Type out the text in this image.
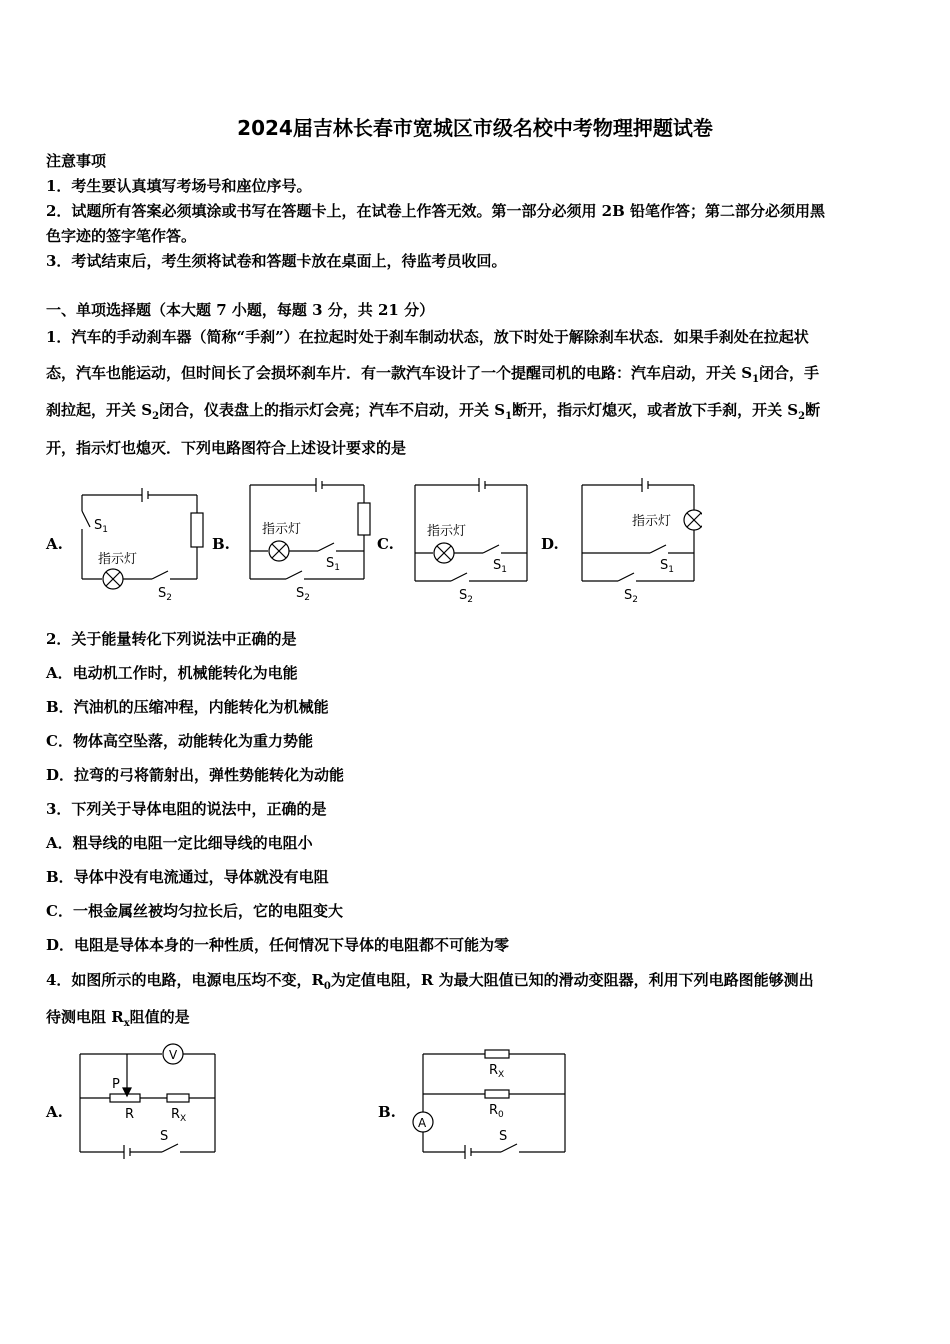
2024届吉林长春市宽城区市级名校中考物理押题试卷
注意事项
1．考生要认真填写考场号和座位序号。
2．试题所有答案必须填涂或书写在答题卡上，在试卷上作答无效。第一部分必须用 2B 铅笔作答；第二部分必须用黑
色字迹的签字笔作答。
3．考试结束后，考生须将试卷和答题卡放在桌面上，待监考员收回。
一、单项选择题（本大题 7 小题，每题 3 分，共 21 分）
1．汽车的手动刹车器（简称“手刹”）在拉起时处于刹车制动状态，放下时处于解除刹车状态．如果手刹处在拉起状
态，汽车也能运动，但时间长了会损坏刹车片．有一款汽车设计了一个提醒司机的电路：汽车启动，开关 $S_1$闭合，手
刹拉起，开关 $S_2$闭合，仪表盘上的指示灯会亮；汽车不启动，开关 $S_1$断开，指示灯熄灭，或者放下手刹，开关 $S_2$断
开，指示灯也熄灭．下列电路图符合上述设计要求的是
A.	B.	C.	D.
$S_1$
指示灯
$S_2$
指示灯
$S_1$
$S_2$
指示灯
$S_1$
$S_2$
指示灯
$S_1$
$S_2$
2．关于能量转化下列说法中正确的是
A．电动机工作时，机械能转化为电能
B．汽油机的压缩冲程，内能转化为机械能
C．物体高空坠落，动能转化为重力势能
D．拉弯的弓将箭射出，弹性势能转化为动能
3．下列关于导体电阻的说法中，正确的是
A．粗导线的电阻一定比细导线的电阻小
B．导体中没有电流通过，导体就没有电阻
C．一根金属丝被均匀拉长后，它的电阻变大
D．电阻是导体本身的一种性质，任何情况下导体的电阻都不可能为零
4．如图所示的电路，电源电压均不变，$R_0$为定值电阻，R 为最大阻值已知的滑动变阻器，利用下列电路图能够测出
待测电阻 $R_x$阻值的是
A.	B.
V
P
R	$R_X$
S
A
$R_X$
$R_0$
S
